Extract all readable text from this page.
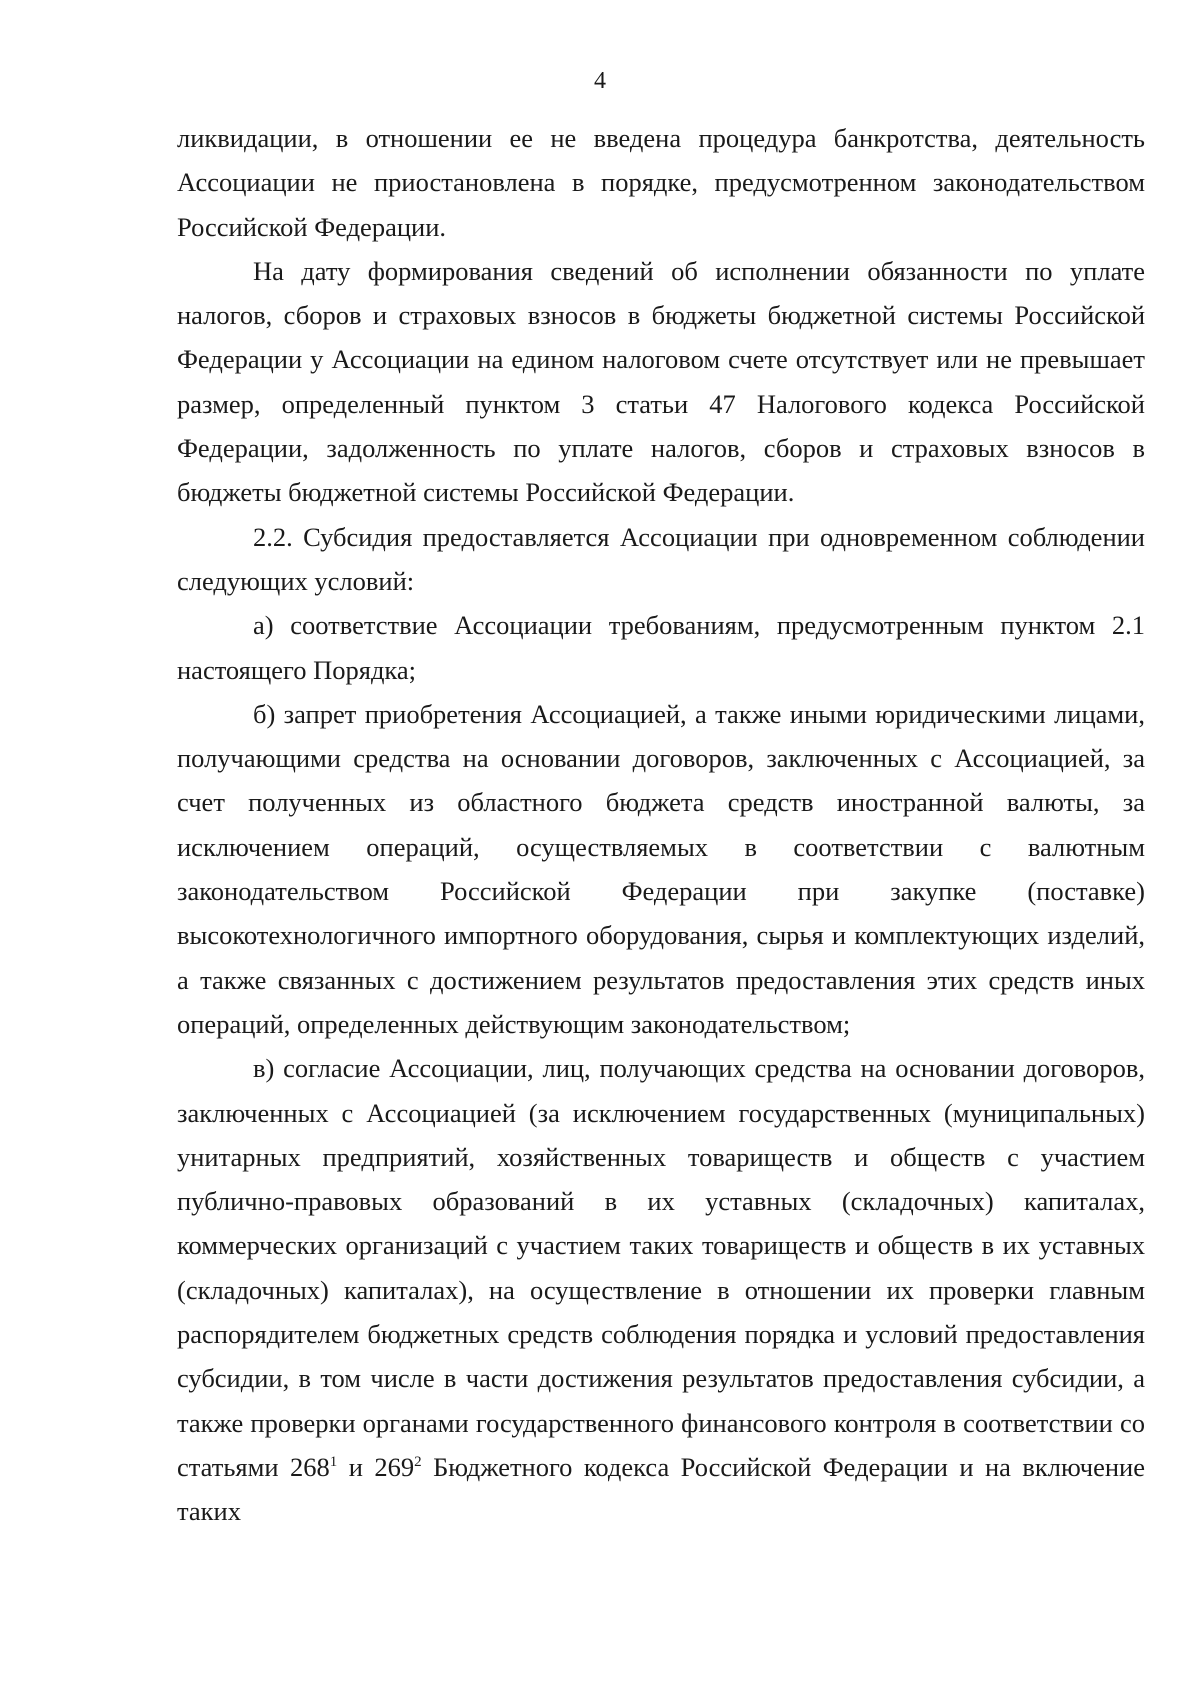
4

ликвидации, в отношении ее не введена процедура банкротства, деятельность Ассоциации не приостановлена в порядке, предусмотренном законодательством Российской Федерации.

На дату формирования сведений об исполнении обязанности по уплате налогов, сборов и страховых взносов в бюджеты бюджетной системы Российской Федерации у Ассоциации на едином налоговом счете отсутствует или не превышает размер, определенный пунктом 3 статьи 47 Налогового кодекса Российской Федерации, задолженность по уплате налогов, сборов и страховых взносов в бюджеты бюджетной системы Российской Федерации.

2.2. Субсидия предоставляется Ассоциации при одновременном соблюдении следующих условий:

а) соответствие Ассоциации требованиям, предусмотренным пунктом 2.1 настоящего Порядка;

б) запрет приобретения Ассоциацией, а также иными юридическими лицами, получающими средства на основании договоров, заключенных с Ассоциацией, за счет полученных из областного бюджета средств иностранной валюты, за исключением операций, осуществляемых в соответствии с валютным законодательством Российской Федерации при закупке (поставке) высокотехнологичного импортного оборудования, сырья и комплектующих изделий, а также связанных с достижением результатов предоставления этих средств иных операций, определенных действующим законодательством;

в) согласие Ассоциации, лиц, получающих средства на основании договоров, заключенных с Ассоциацией (за исключением государственных (муниципальных) унитарных предприятий, хозяйственных товариществ и обществ с участием публично-правовых образований в их уставных (складочных) капиталах, коммерческих организаций с участием таких товариществ и обществ в их уставных (складочных) капиталах), на осуществление в отношении их проверки главным распорядителем бюджетных средств соблюдения порядка и условий предоставления субсидии, в том числе в части достижения результатов предоставления субсидии, а также проверки органами государственного финансового контроля в соответствии со статьями $268^1$ и $269^2$ Бюджетного кодекса Российской Федерации и на включение таких
